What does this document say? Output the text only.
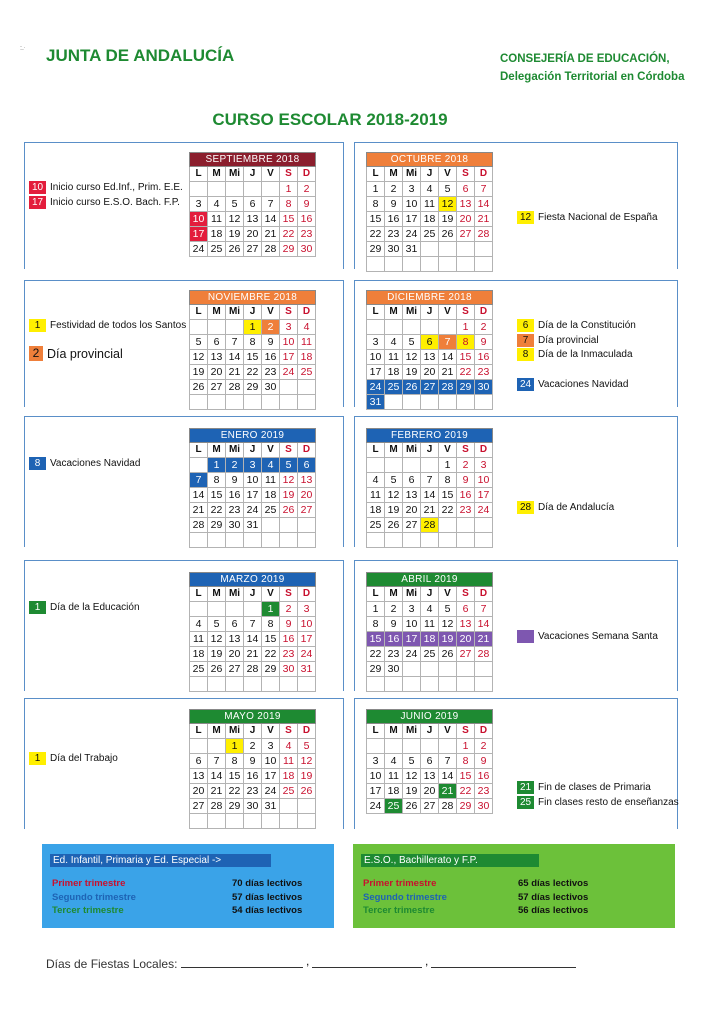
-̲ . JUNTA DE ANDALUCÍA	CONSEJERÍA DE EDUCACIÓN,
Delegación Territorial en Córdoba
CURSO ESCOLAR 2018-2019
SEPTIEMBRE 2018						
L	M	Mi	J	V	S	D
					1	2
3	4	5	6	7	8	9
10	11	12	13	14	15	16
17	18	19	20	21	22	23
24	25	26	27	28	29	30
OCTUBRE 2018						
L	M	Mi	J	V	S	D
1	2	3	4	5	6	7
8	9	10	11	12	13	14
15	16	17	18	19	20	21
22	23	24	25	26	27	28
29	30	31				

NOVIEMBRE 2018						
L	M	Mi	J	V	S	D
			1	2	3	4
5	6	7	8	9	10	11
12	13	14	15	16	17	18
19	20	21	22	23	24	25
26	27	28	29	30		

DICIEMBRE 2018						
L	M	Mi	J	V	S	D
					1	2
3	4	5	6	7	8	9
10	11	12	13	14	15	16
17	18	19	20	21	22	23
24	25	26	27	28	29	30
31						
ENERO 2019						
L	M	Mi	J	V	S	D
	1	2	3	4	5	6
7	8	9	10	11	12	13
14	15	16	17	18	19	20
21	22	23	24	25	26	27
28	29	30	31			

FEBRERO 2019						
L	M	Mi	J	V	S	D
				1	2	3
4	5	6	7	8	9	10
11	12	13	14	15	16	17
18	19	20	21	22	23	24
25	26	27	28			

MARZO 2019						
L	M	Mi	J	V	S	D
				1	2	3
4	5	6	7	8	9	10
11	12	13	14	15	16	17
18	19	20	21	22	23	24
25	26	27	28	29	30	31

ABRIL 2019						
L	M	Mi	J	V	S	D
1	2	3	4	5	6	7
8	9	10	11	12	13	14
15	16	17	18	19	20	21
22	23	24	25	26	27	28
29	30					

MAYO 2019						
L	M	Mi	J	V	S	D
		1	2	3	4	5
6	7	8	9	10	11	12
13	14	15	16	17	18	19
20	21	22	23	24	25	26
27	28	29	30	31		

JUNIO 2019						
L	M	Mi	J	V	S	D
					1	2
3	4	5	6	7	8	9
10	11	12	13	14	15	16
17	18	19	20	21	22	23
24	25	26	27	28	29	30
10 Inicio curso Ed.Inf., Prim. E.E.
17 Inicio curso E.S.O. Bach. F.P.
12 Fiesta Nacional de España
1 Festividad de todos los Santos
2 Día provincial
6 Día de la Constitución
7 Día provincial
8 Día de la Inmaculada
24 Vacaciones Navidad
8 Vacaciones Navidad
28 Día de Andalucía
1 Día de la Educación
Vacaciones Semana Santa
1 Día del Trabajo
21 Fin de clases de Primaria
25 Fin clases resto de enseñanzas
Ed. Infantil, Primaria y Ed. Especial ->
Primer trimestre	70 días lectivos
Segundo trimestre	57 días lectivos
Tercer trimestre	54 días lectivos
E.S.O., Bachillerato y F.P.
Primer trimestre	65 días lectivos
Segundo trimestre	57 días lectivos
Tercer trimestre	56 días lectivos
Días de Fiestas Locales:	,	,
